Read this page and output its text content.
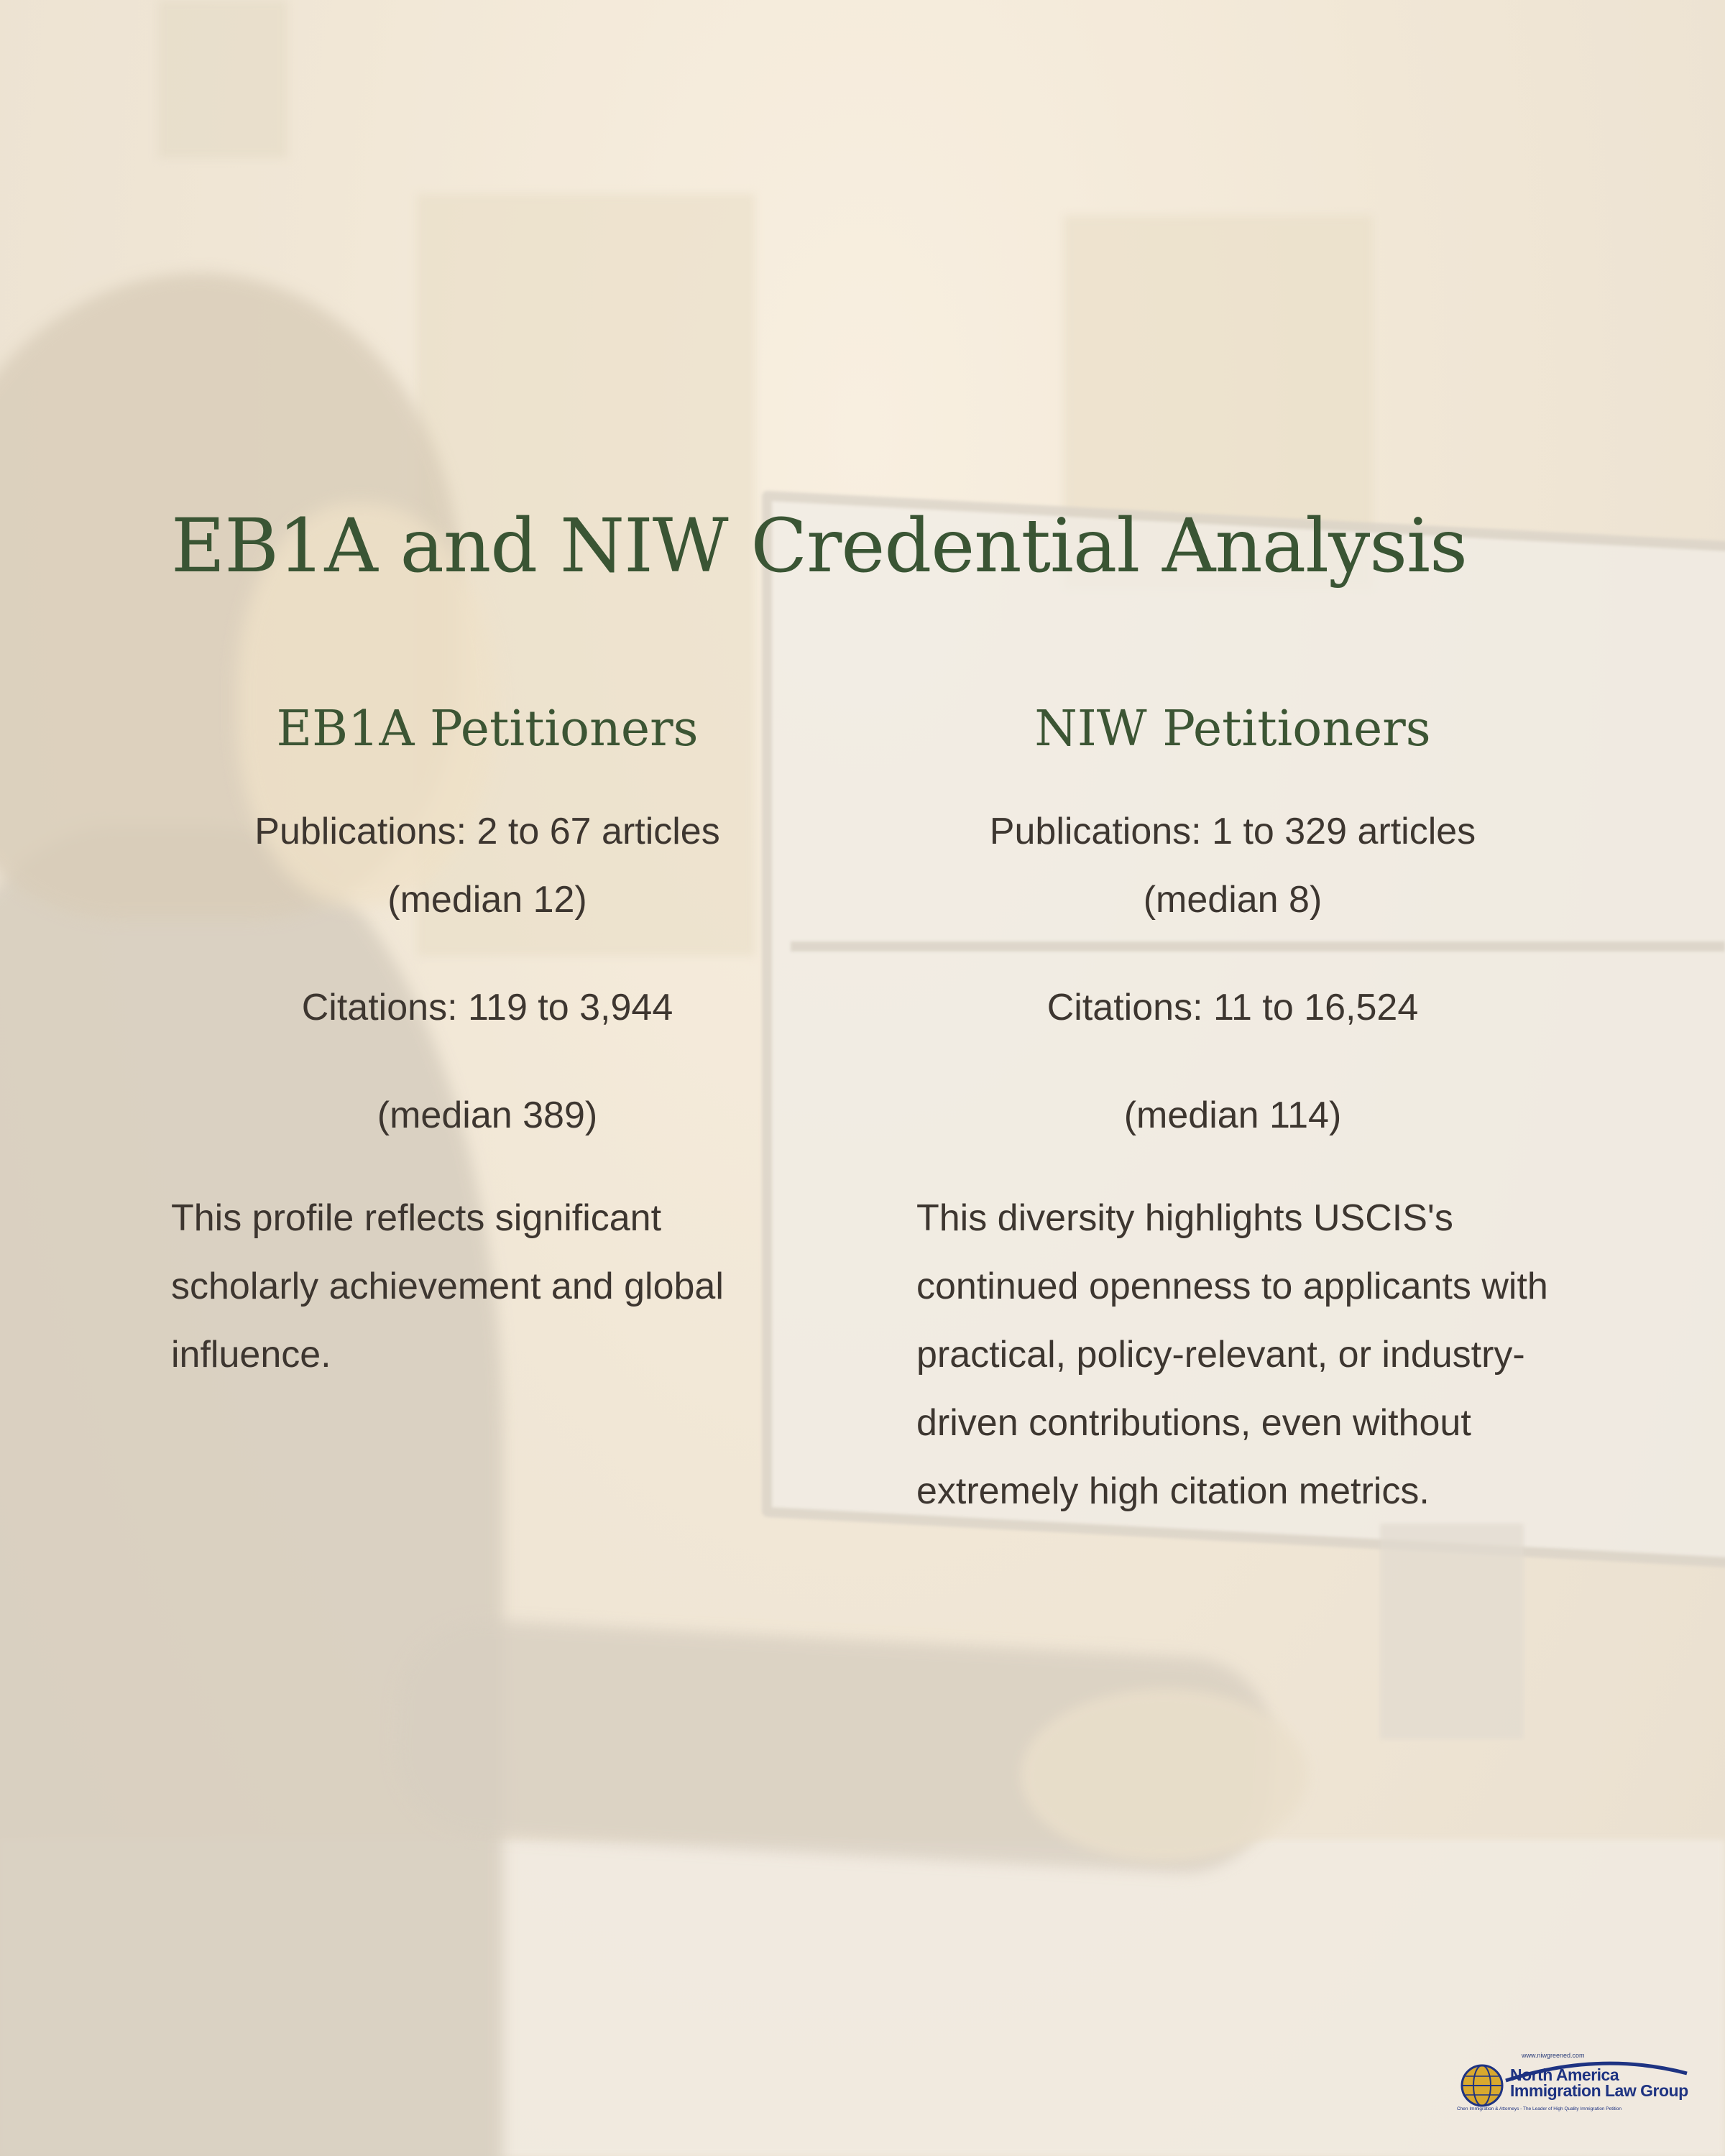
EB1A and NIW Credential Analysis
EB1A Petitioners

Publications: 2 to 67 articles
(median 12)

Citations: 119 to 3,944

(median 389)

This profile reflects significant scholarly achievement and global influence.

NIW Petitioners

Publications: 1 to 329 articles
(median 8)

Citations: 11 to 16,524

(median 114)

This diversity highlights USCIS's continued openness to applicants with practical, policy-relevant, or industry-driven contributions, even without extremely high citation metrics.

www.niwgreened.com
North America
Immigration Law Group
Chen Immigration & Attorneys - The Leader of High Quality Immigration Petition
